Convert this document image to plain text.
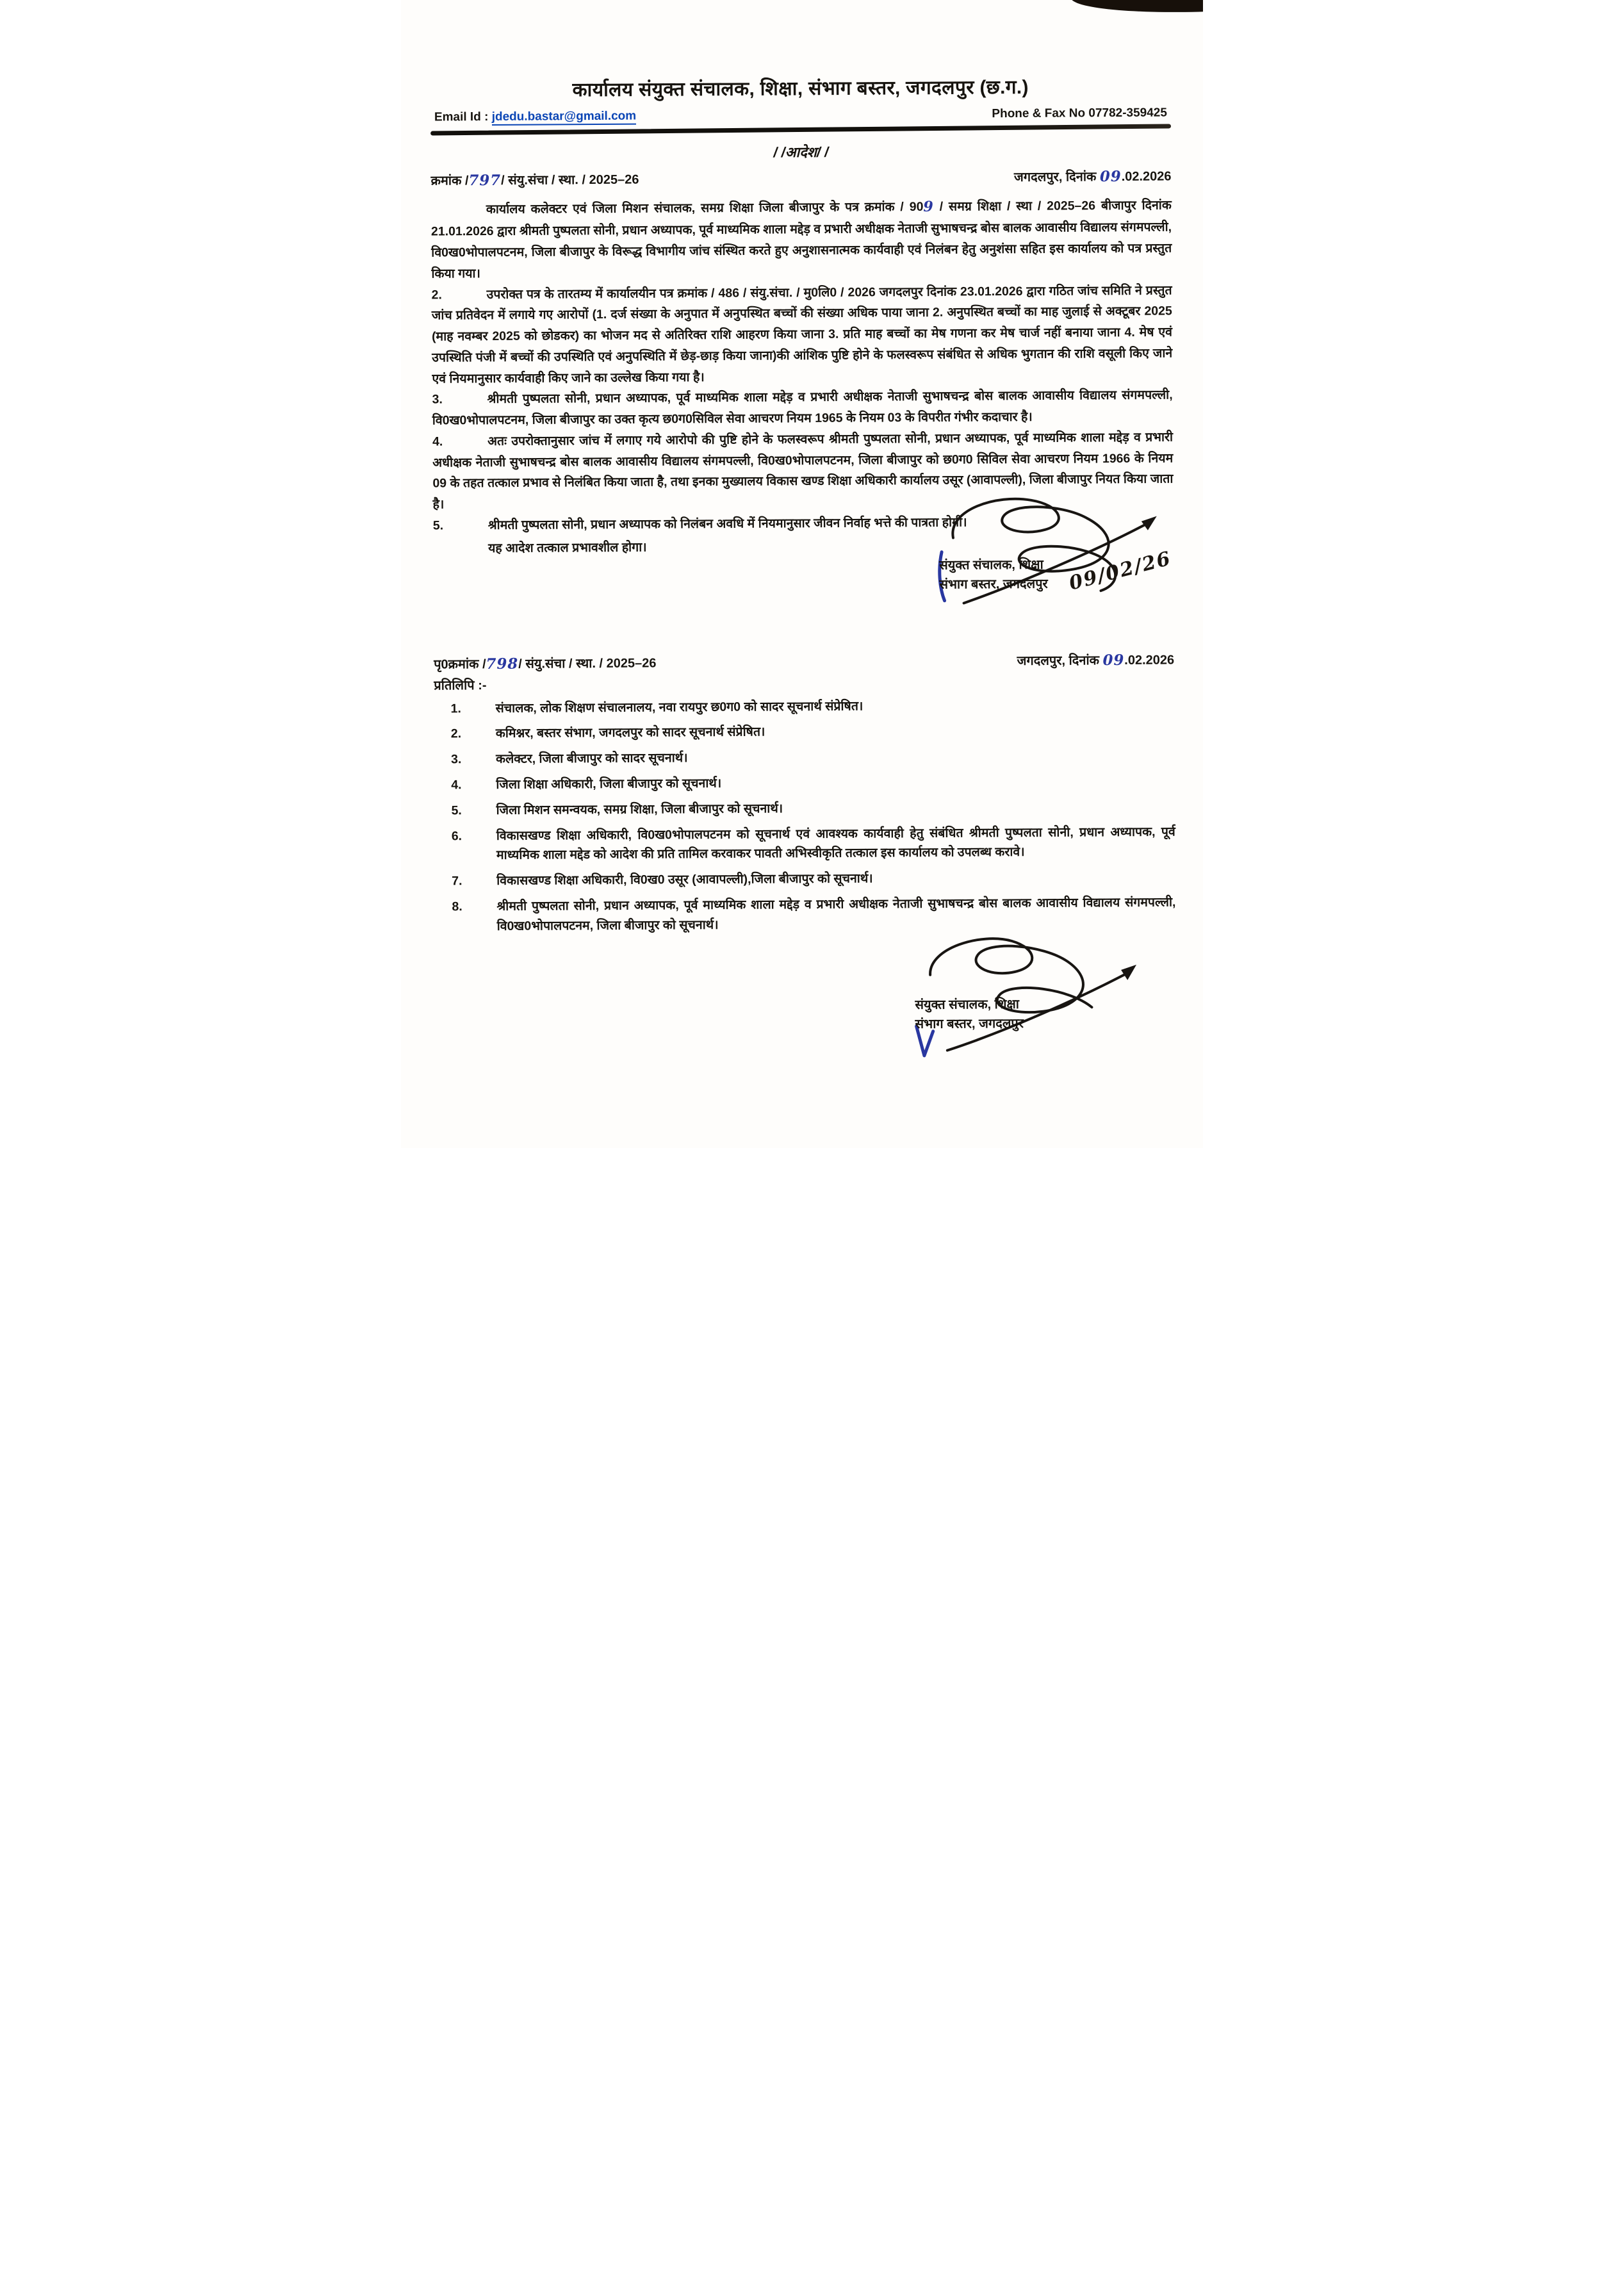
कार्यालय संयुक्त संचालक, शिक्षा, संभाग बस्तर, जगदलपुर (छ.ग.)
Email Id : jdedu.bastar@gmail.com	Phone & Fax No 07782-359425
/ /आदेश/ /
क्रमांक /797/ संयु.संचा / स्था. / 2025–26	जगदलपुर, दिनांक 09.02.2026

कार्यालय कलेक्टर एवं जिला मिशन संचालक, समग्र शिक्षा जिला बीजापुर के पत्र क्रमांक / 909 / समग्र शिक्षा / स्था / 2025–26 बीजापुर दिनांक 21.01.2026 द्वारा श्रीमती पुष्पलता सोनी, प्रधान अध्यापक, पूर्व माध्यमिक शाला मद्देड़ व प्रभारी अधीक्षक नेताजी सुभाषचन्द्र बोस बालक आवासीय विद्यालय संगमपल्ली, वि0ख0भोपालपटनम, जिला बीजापुर के विरूद्ध विभागीय जांच संस्थित करते हुए अनुशासनात्मक कार्यवाही एवं निलंबन हेतु अनुशंसा सहित इस कार्यालय को पत्र प्रस्तुत किया गया।

2.	उपरोक्त पत्र के तारतम्य में कार्यालयीन पत्र क्रमांक / 486 / संयु.संचा. / मु0लि0 / 2026 जगदलपुर दिनांक 23.01.2026 द्वारा गठित जांच समिति ने प्रस्तुत जांच प्रतिवेदन में लगाये गए आरोपों (1. दर्ज संख्या के अनुपात में अनुपस्थित बच्चों की संख्या अधिक पाया जाना 2. अनुपस्थित बच्चों का माह जुलाई से अक्टूबर 2025 (माह नवम्बर 2025 को छोडकर) का भोजन मद से अतिरिक्त राशि आहरण किया जाना 3. प्रति माह बच्चों का मेष गणना कर मेष चार्ज नहीं बनाया जाना 4. मेष एवं उपस्थिति पंजी में बच्चों की उपस्थिति एवं अनुपस्थिति में छेड़-छाड़ किया जाना)की आंशिक पुष्टि होने के फलस्वरूप संबंधित से अधिक भुगतान की राशि वसूली किए जाने एवं नियमानुसार कार्यवाही किए जाने का उल्लेख किया गया है।

3.	श्रीमती पुष्पलता सोनी, प्रधान अध्यापक, पूर्व माध्यमिक शाला मद्देड़ व प्रभारी अधीक्षक नेताजी सुभाषचन्द्र बोस बालक आवासीय विद्यालय संगमपल्ली, वि0ख0भोपालपटनम, जिला बीजापुर का उक्त कृत्य छ0ग0सिविल सेवा आचरण नियम 1965 के नियम 03 के विपरीत गंभीर कदाचार है।

4.	अतः उपरोक्तानुसार जांच में लगाए गये आरोपो की पुष्टि होने के फलस्वरूप श्रीमती पुष्पलता सोनी, प्रधान अध्यापक, पूर्व माध्यमिक शाला मद्देड़ व प्रभारी अधीक्षक नेताजी सुभाषचन्द्र बोस बालक आवासीय विद्यालय संगमपल्ली, वि0ख0भोपालपटनम, जिला बीजापुर को छ0ग0 सिविल सेवा आचरण नियम 1966 के नियम 09 के तहत तत्काल प्रभाव से निलंबित किया जाता है, तथा इनका मुख्यालय विकास खण्ड शिक्षा अधिकारी कार्यालय उसूर (आवापल्ली), जिला बीजापुर नियत किया जाता है।

5.	श्रीमती पुष्पलता सोनी, प्रधान अध्यापक को निलंबन अवधि में नियमानुसार जीवन निर्वाह भत्ते की पात्रता होगी।

यह आदेश तत्काल प्रभावशील होगा।	09/02/26
संयुक्त संचालक, शिक्षा
संभाग बस्तर, जगदलपुर
पृ0क्रमांक /798/ संयु.संचा / स्था. / 2025–26	जगदलपुर, दिनांक 09.02.2026
प्रतिलिपि :-
1.	संचालक, लोक शिक्षण संचालनालय, नवा रायपुर छ0ग0 को सादर सूचनार्थ संप्रेषित।
2.	कमिश्नर, बस्तर संभाग, जगदलपुर को सादर सूचनार्थ संप्रेषित।
3.	कलेक्टर, जिला बीजापुर को सादर सूचनार्थ।
4.	जिला शिक्षा अधिकारी, जिला बीजापुर को सूचनार्थ।
5.	जिला मिशन समन्वयक, समग्र शिक्षा, जिला बीजापुर को सूचनार्थ।
6.	विकासखण्ड शिक्षा अधिकारी, वि0ख0भोपालपटनम को सूचनार्थ एवं आवश्यक कार्यवाही हेतु संबंधित श्रीमती पुष्पलता सोनी, प्रधान अध्यापक, पूर्व माध्यमिक शाला मद्देड को आदेश की प्रति तामिल करवाकर पावती अभिस्वीकृति तत्काल इस कार्यालय को उपलब्ध करावे।
7.	विकासखण्ड शिक्षा अधिकारी, वि0ख0 उसूर (आवापल्ली),जिला बीजापुर को सूचनार्थ।
8.	श्रीमती पुष्पलता सोनी, प्रधान अध्यापक, पूर्व माध्यमिक शाला मद्देड़ व प्रभारी अधीक्षक नेताजी सुभाषचन्द्र बोस बालक आवासीय विद्यालय संगमपल्ली, वि0ख0भोपालपटनम, जिला बीजापुर को सूचनार्थ।
संयुक्त संचालक, शिक्षा
संभाग बस्तर, जगदलपुर
